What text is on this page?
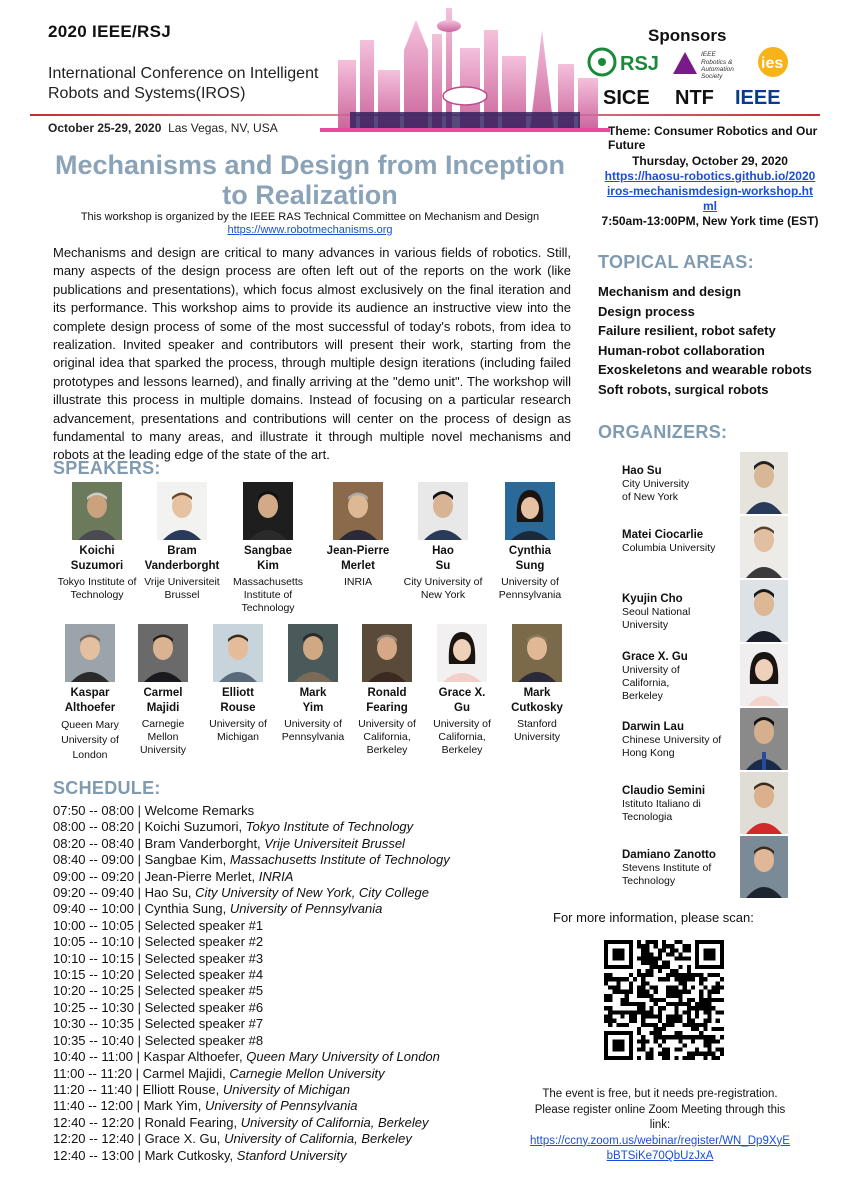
2020 IEEE/RSJ
International Conference on Intelligent Robots and Systems(IROS)
October 25-29, 2020 Las Vegas, NV, USA
Sponsors
RSJ	IEEE
Robotics &
Automation
Society
ies
SICE NTF IEEE
Theme: Consumer Robotics and Our Future
Mechanisms and Design from Inception to Realization
This workshop is organized by the IEEE RAS Technical Committee on Mechanism and Design
https://www.robotmechanisms.org
Mechanisms and design are critical to many advances in various fields of robotics. Still, many aspects of the design process are often left out of the reports on the work (like publications and presentations), which focus almost exclusively on the final iteration and its performance. This workshop aims to provide its audience an instructive view into the complete design process of some of the most successful of today's robots, from idea to realization. Invited speaker and contributors will present their work, starting from the original idea that sparked the process, through multiple design iterations (including failed prototypes and lessons learned), and finally arriving at the "demo unit". The workshop will illustrate this process in multiple domains. Instead of focusing on a particular research advancement, presentations and contributions will center on the process of design as fundamental to many areas, and illustrate it through multiple novel mechanisms and robots at the leading edge of the state of the art.
Thursday, October 29, 2020
https://haosu-robotics.github.io/2020iros-mechanismdesign-workshop.html
7:50am-13:00PM, New York time (EST)
TOPICAL AREAS:
Mechanism and design
Design process
Failure resilient, robot safety
Human-robot collaboration
Exoskeletons and wearable robots
Soft robots, surgical robots
ORGANIZERS:
Hao Su
City University of New York
Matei Ciocarlie
Columbia University
Kyujin Cho
Seoul National University
Grace X. Gu
University of California, Berkeley
Darwin Lau
Chinese University of Hong Kong
Claudio Semini
Istituto Italiano di Tecnologia
Damiano Zanotto
Stevens Institute of Technology
SPEAKERS:
Koichi
Suzumori
Tokyo Institute of Technology
Bram
Vanderborght
Vrije Universiteit Brussel
Sangbae
Kim
Massachusetts Institute of Technology
Jean-Pierre
Merlet
INRIA
Hao
Su
City University of New York
Cynthia
Sung
University of Pennsylvania
Kaspar
Althoefer
Queen Mary University of London
Carmel
Majidi
Carnegie Mellon University
Elliott
Rouse
University of Michigan
Mark
Yim
University of Pennsylvania
Ronald
Fearing
University of California, Berkeley
Grace X.
Gu
University of California, Berkeley
Mark
Cutkosky
Stanford University
SCHEDULE:
07:50 -- 08:00 | Welcome Remarks
08:00 -- 08:20 | Koichi Suzumori, Tokyo Institute of Technology
08:20 -- 08:40 | Bram Vanderborght, Vrije Universiteit Brussel
08:40 -- 09:00 | Sangbae Kim, Massachusetts Institute of Technology
09:00 -- 09:20 | Jean-Pierre Merlet, INRIA
09:20 -- 09:40 | Hao Su, City University of New York, City College
09:40 -- 10:00 | Cynthia Sung, University of Pennsylvania
10:00 -- 10:05 | Selected speaker #1
10:05 -- 10:10 | Selected speaker #2
10:10 -- 10:15 | Selected speaker #3
10:15 -- 10:20 | Selected speaker #4
10:20 -- 10:25 | Selected speaker #5
10:25 -- 10:30 | Selected speaker #6
10:30 -- 10:35 | Selected speaker #7
10:35 -- 10:40 | Selected speaker #8
10:40 -- 11:00 | Kaspar Althoefer, Queen Mary University of London
11:00 -- 11:20 | Carmel Majidi, Carnegie Mellon University
11:20 -- 11:40 | Elliott Rouse, University of Michigan
11:40 -- 12:00 | Mark Yim, University of Pennsylvania
12:40 -- 12:20 | Ronald Fearing, University of California, Berkeley
12:20 -- 12:40 | Grace X. Gu, University of California, Berkeley
12:40 -- 13:00 | Mark Cutkosky, Stanford University
For more information, please scan:
The event is free, but it needs pre-registration. Please register online Zoom Meeting through this link:
https://ccny.zoom.us/webinar/register/WN_Dp9XyEbBTSiKe70QbUzJxA
